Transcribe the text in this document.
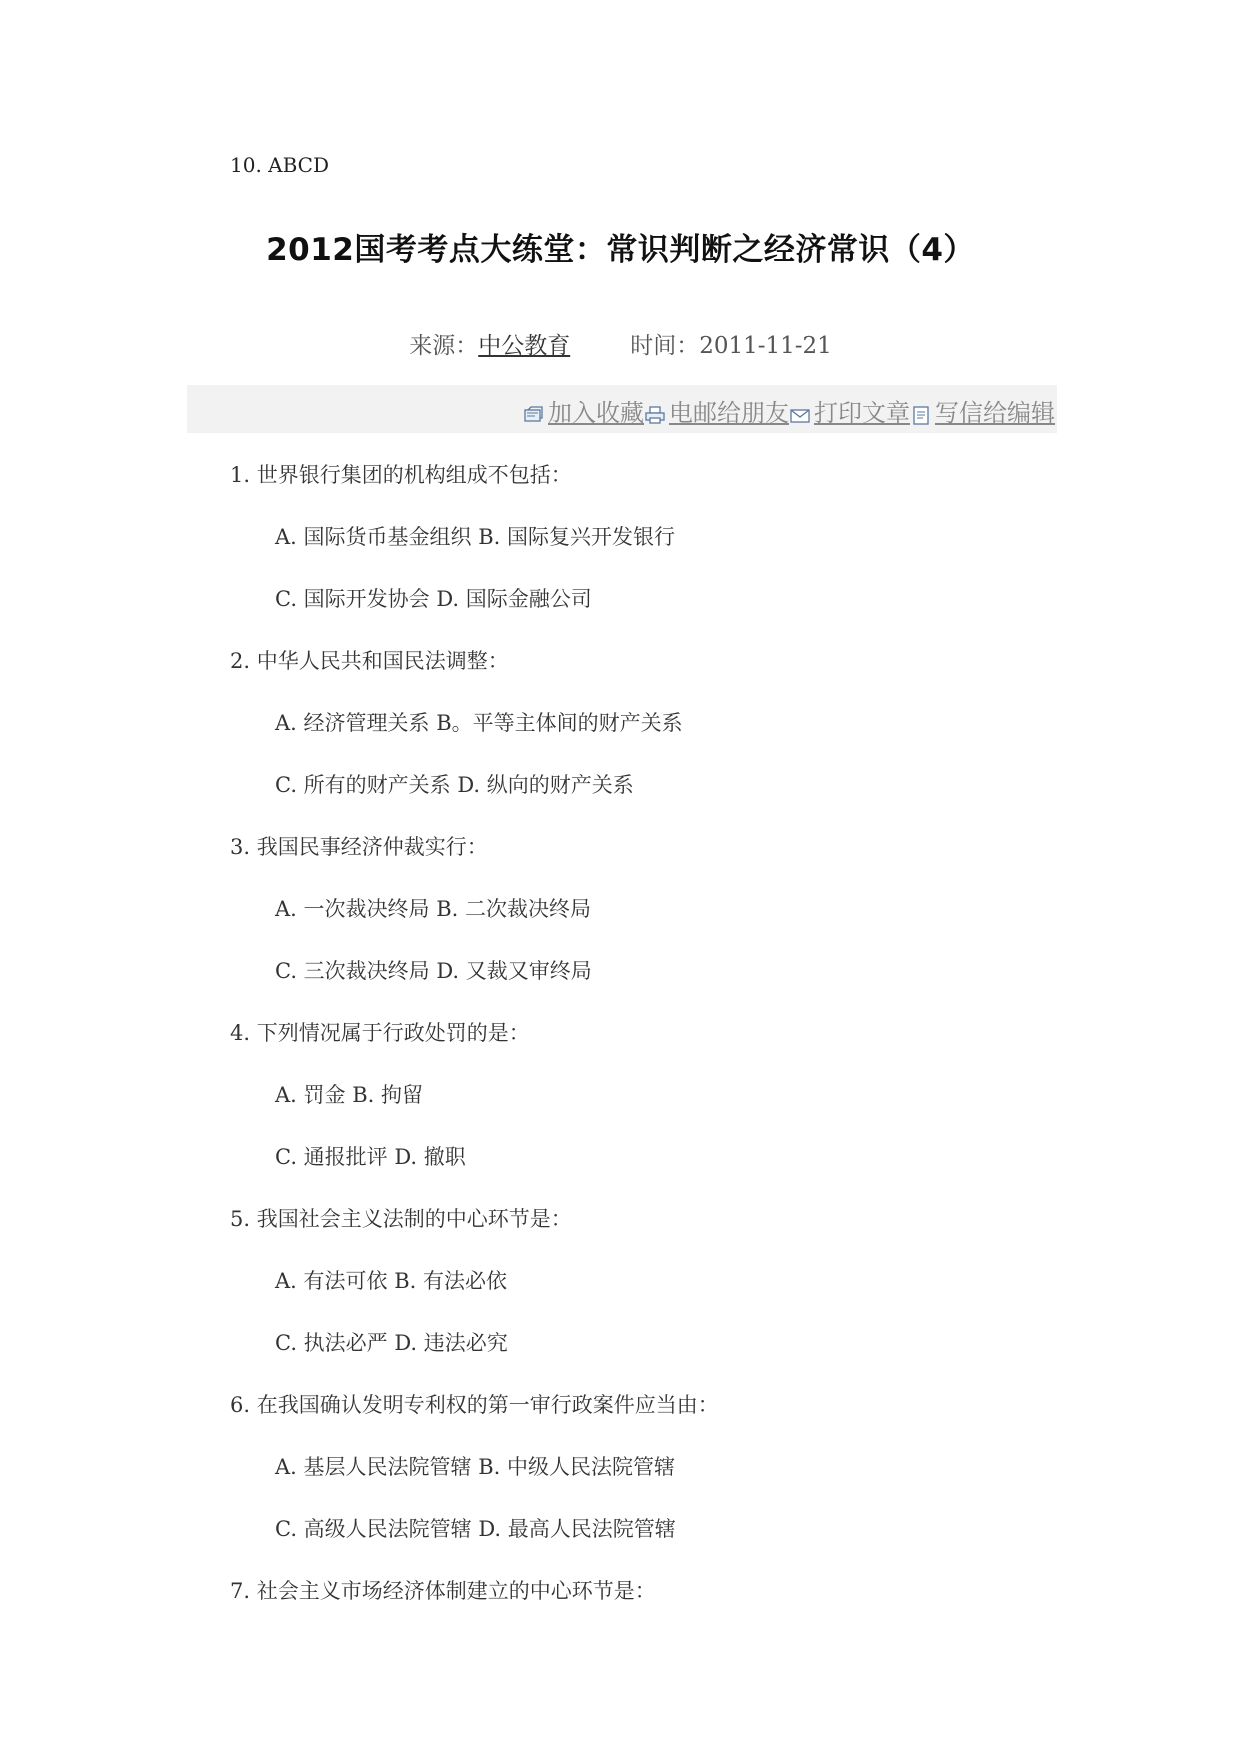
10. ABCD
2012国考考点大练堂：常识判断之经济常识（4）
来源：中公教育	时间：2011-11-21
加入收藏 电邮给朋友 打印文章 写信给编辑
1. 世界银行集团的机构组成不包括：
A. 国际货币基金组织 B. 国际复兴开发银行
C. 国际开发协会 D. 国际金融公司
2. 中华人民共和国民法调整：
A. 经济管理关系 B。平等主体间的财产关系
C. 所有的财产关系 D. 纵向的财产关系
3. 我国民事经济仲裁实行：
A. 一次裁决终局 B. 二次裁决终局
C. 三次裁决终局 D. 又裁又审终局
4. 下列情况属于行政处罚的是：
A. 罚金 B. 拘留
C. 通报批评 D. 撤职
5. 我国社会主义法制的中心环节是：
A. 有法可依 B. 有法必依
C. 执法必严 D. 违法必究
6. 在我国确认发明专利权的第一审行政案件应当由：
A. 基层人民法院管辖 B. 中级人民法院管辖
C. 高级人民法院管辖 D. 最高人民法院管辖
7. 社会主义市场经济体制建立的中心环节是：
